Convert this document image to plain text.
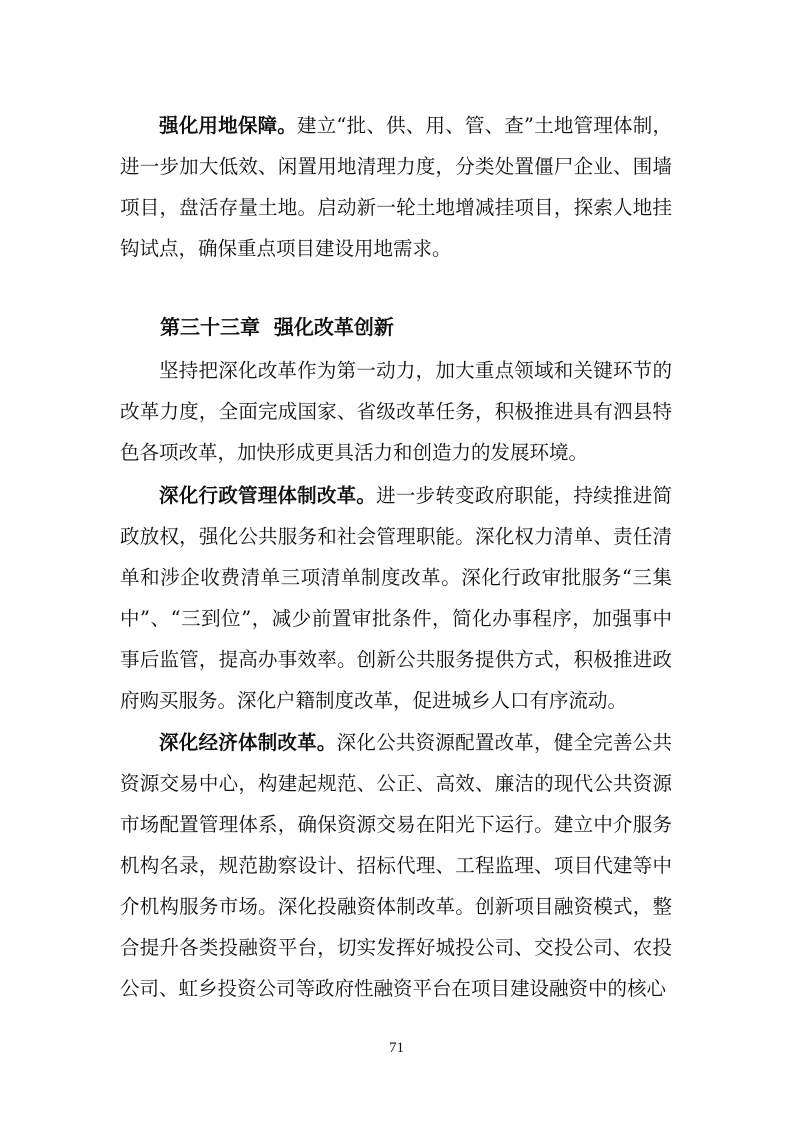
强化用地保障。建立“批、供、用、管、查”土地管理体制，进一步加大低效、闲置用地清理力度，分类处置僵尸企业、围墙项目，盘活存量土地。启动新一轮土地增减挂项目，探索人地挂钩试点，确保重点项目建设用地需求。

第三十三章  强化改革创新

坚持把深化改革作为第一动力，加大重点领域和关键环节的改革力度，全面完成国家、省级改革任务，积极推进具有泗县特色各项改革，加快形成更具活力和创造力的发展环境。

深化行政管理体制改革。进一步转变政府职能，持续推进简政放权，强化公共服务和社会管理职能。深化权力清单、责任清单和涉企收费清单三项清单制度改革。深化行政审批服务“三集中”、“三到位”，减少前置审批条件，简化办事程序，加强事中事后监管，提高办事效率。创新公共服务提供方式，积极推进政府购买服务。深化户籍制度改革，促进城乡人口有序流动。

深化经济体制改革。深化公共资源配置改革，健全完善公共资源交易中心，构建起规范、公正、高效、廉洁的现代公共资源市场配置管理体系，确保资源交易在阳光下运行。建立中介服务机构名录，规范勘察设计、招标代理、工程监理、项目代建等中介机构服务市场。深化投融资体制改革。创新项目融资模式，整合提升各类投融资平台，切实发挥好城投公司、交投公司、农投公司、虹乡投资公司等政府性融资平台在项目建设融资中的核心

71
